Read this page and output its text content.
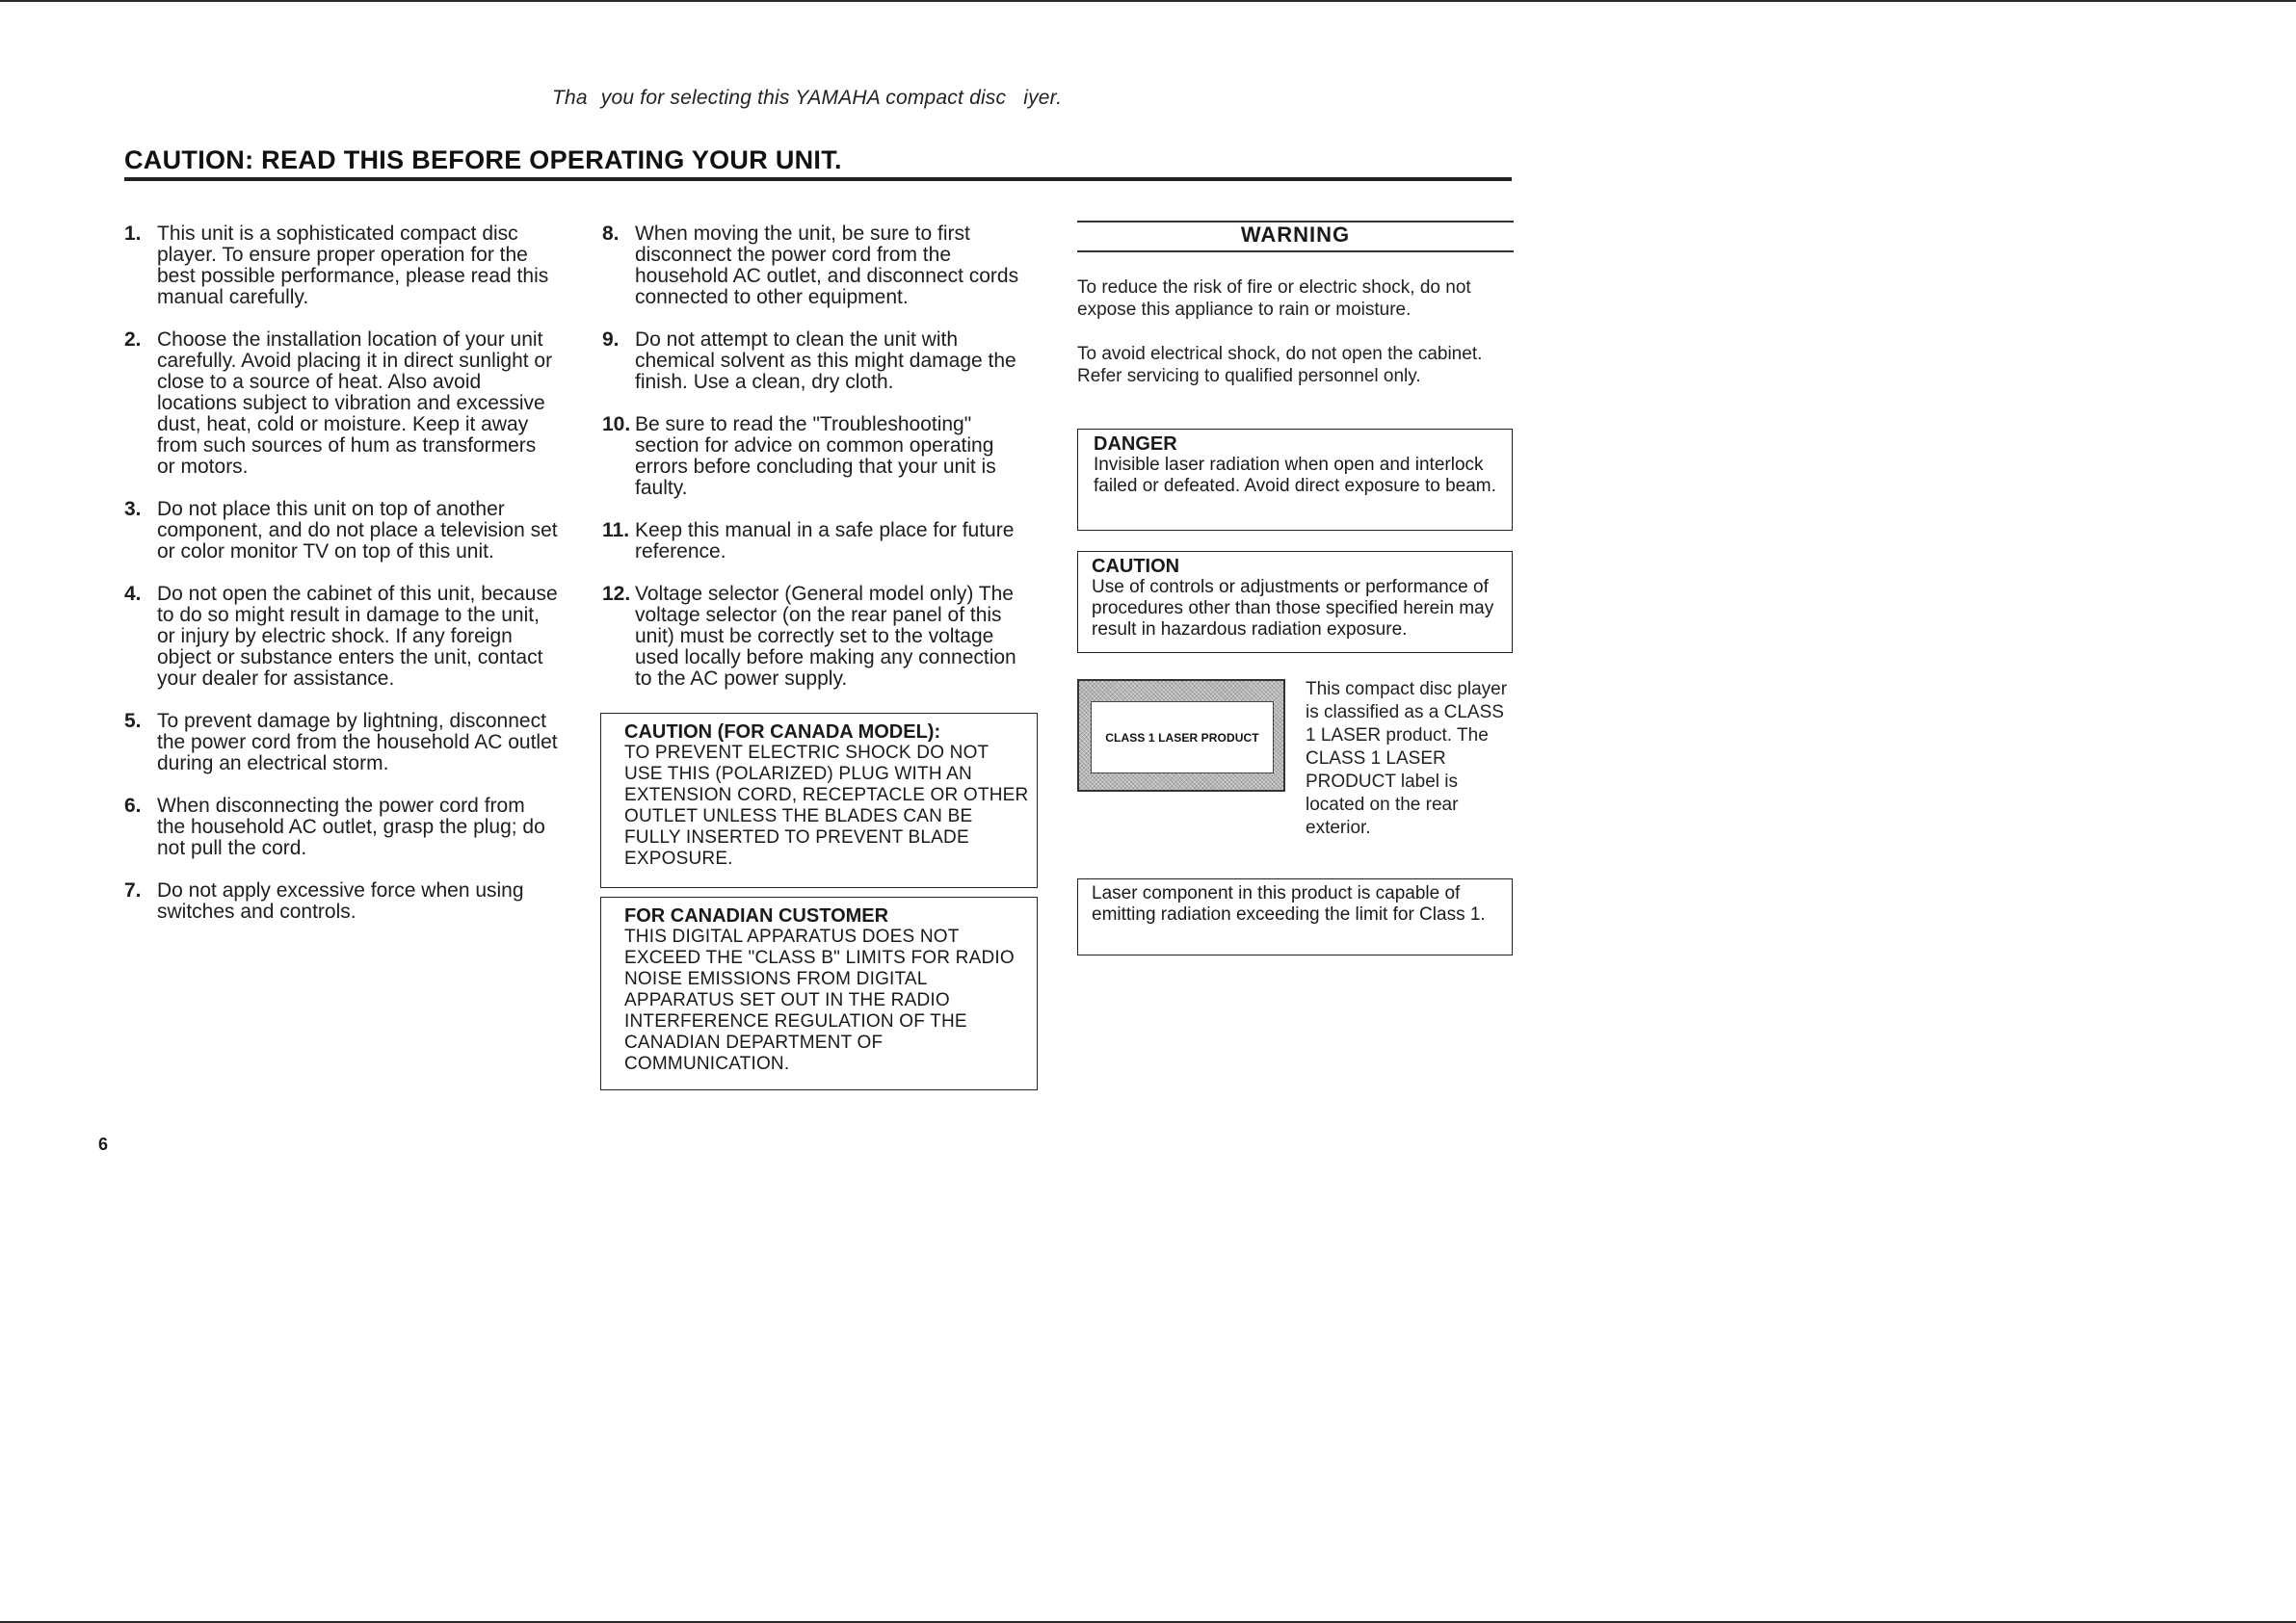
Tha you for selecting this YAMAHA compact disc iyer.
CAUTION: READ THIS BEFORE OPERATING YOUR UNIT.
1. This unit is a sophisticated compact disc player. To ensure proper operation for the best possible performance, please read this manual carefully.
2. Choose the installation location of your unit carefully. Avoid placing it in direct sunlight or close to a source of heat. Also avoid locations subject to vibration and excessive dust, heat, cold or moisture. Keep it away from such sources of hum as transformers or motors.
3. Do not place this unit on top of another component, and do not place a television set or color monitor TV on top of this unit.
4. Do not open the cabinet of this unit, because to do so might result in damage to the unit, or injury by electric shock. If any foreign object or substance enters the unit, contact your dealer for assistance.
5. To prevent damage by lightning, disconnect the power cord from the household AC outlet during an electrical storm.
6. When disconnecting the power cord from the household AC outlet, grasp the plug; do not pull the cord.
7. Do not apply excessive force when using switches and controls.
8. When moving the unit, be sure to first disconnect the power cord from the household AC outlet, and disconnect cords connected to other equipment.
9. Do not attempt to clean the unit with chemical solvent as this might damage the finish. Use a clean, dry cloth.
10. Be sure to read the "Troubleshooting" section for advice on common operating errors before concluding that your unit is faulty.
11. Keep this manual in a safe place for future reference.
12. Voltage selector (General model only) The voltage selector (on the rear panel of this unit) must be correctly set to the voltage used locally before making any connection to the AC power supply.
CAUTION (FOR CANADA MODEL):
TO PREVENT ELECTRIC SHOCK DO NOT USE THIS (POLARIZED) PLUG WITH AN EXTENSION CORD, RECEPTACLE OR OTHER OUTLET UNLESS THE BLADES CAN BE FULLY INSERTED TO PREVENT BLADE EXPOSURE.
FOR CANADIAN CUSTOMER
THIS DIGITAL APPARATUS DOES NOT EXCEED THE "CLASS B" LIMITS FOR RADIO NOISE EMISSIONS FROM DIGITAL APPARATUS SET OUT IN THE RADIO INTERFERENCE REGULATION OF THE CANADIAN DEPARTMENT OF COMMUNICATION.
WARNING
To reduce the risk of fire or electric shock, do not expose this appliance to rain or moisture.
To avoid electrical shock, do not open the cabinet. Refer servicing to qualified personnel only.
DANGER
Invisible laser radiation when open and interlock failed or defeated. Avoid direct exposure to beam.
CAUTION
Use of controls or adjustments or performance of procedures other than those specified herein may result in hazardous radiation exposure.
CLASS 1 LASER PRODUCT
This compact disc player is classified as a CLASS 1 LASER product. The CLASS 1 LASER PRODUCT label is located on the rear exterior.
Laser component in this product is capable of emitting radiation exceeding the limit for Class 1.
6
